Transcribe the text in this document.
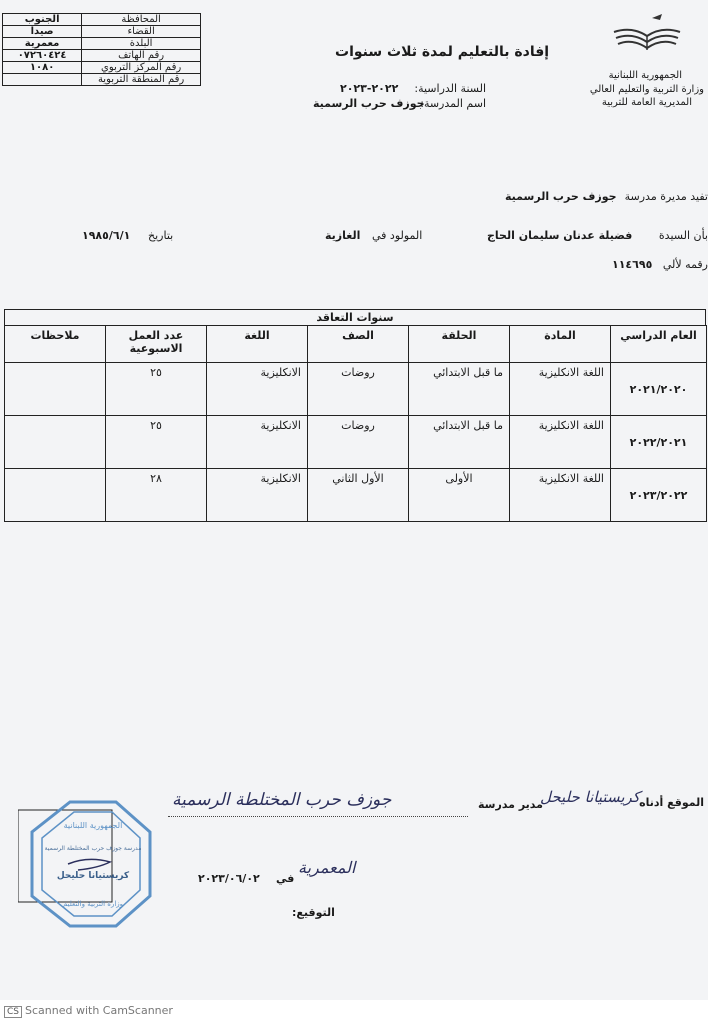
المحافظة	الجنوب
القضاء	صيدا
البلدة	معمرية
رقم الهاتف	٠٧٢٦٠٤٢٤
رقم المركز التربوي	١٠٨٠
رقم المنطقة التربوية	
إفادة بالتعليم لمدة ثلاث سنوات
السنة الدراسية:
٢٠٢٢-٢٠٢٣
اسم المدرسة:
جوزف حرب الرسمية
الجمهورية اللبنانية
وزارة التربية والتعليم العالي
المديرية العامة للتربية
تفيد مديرة مدرسة
جوزف حرب الرسمية
بأن السيدة
فضيلة عدنان سليمان الحاج
المولود في
الغازية
بتاريخ
١٩٨٥/٦/١
رقمه لألي
١١٤٦٩٥
سنوات التعاقد
العام الدراسي	المادة	الحلقة	الصف	اللغة	عدد العمل الاسبوعية	ملاحظات
٢٠٢١/٢٠٢٠	اللغة الانكليزية	ما قبل الابتدائي	روضات	الانكليزية	٢٥	
٢٠٢٢/٢٠٢١	اللغة الانكليزية	ما قبل الابتدائي	روضات	الانكليزية	٢٥	
٢٠٢٣/٢٠٢٢	اللغة الانكليزية	الأولى	الأول الثاني	الانكليزية	٢٨	
الموقع أدناه
كريستيانا حليحل
مدير مدرسة
جوزف حرب المختلطة الرسمية
المعمرية
في
٢٠٢٣/٠٦/٠٢
التوقيع:
الجمهورية اللبنانية
مدرسة جوزف حرب المختلطة الرسمية
كريستيانا حليحل
وزارة التربية والتعليم
CS Scanned with CamScanner
